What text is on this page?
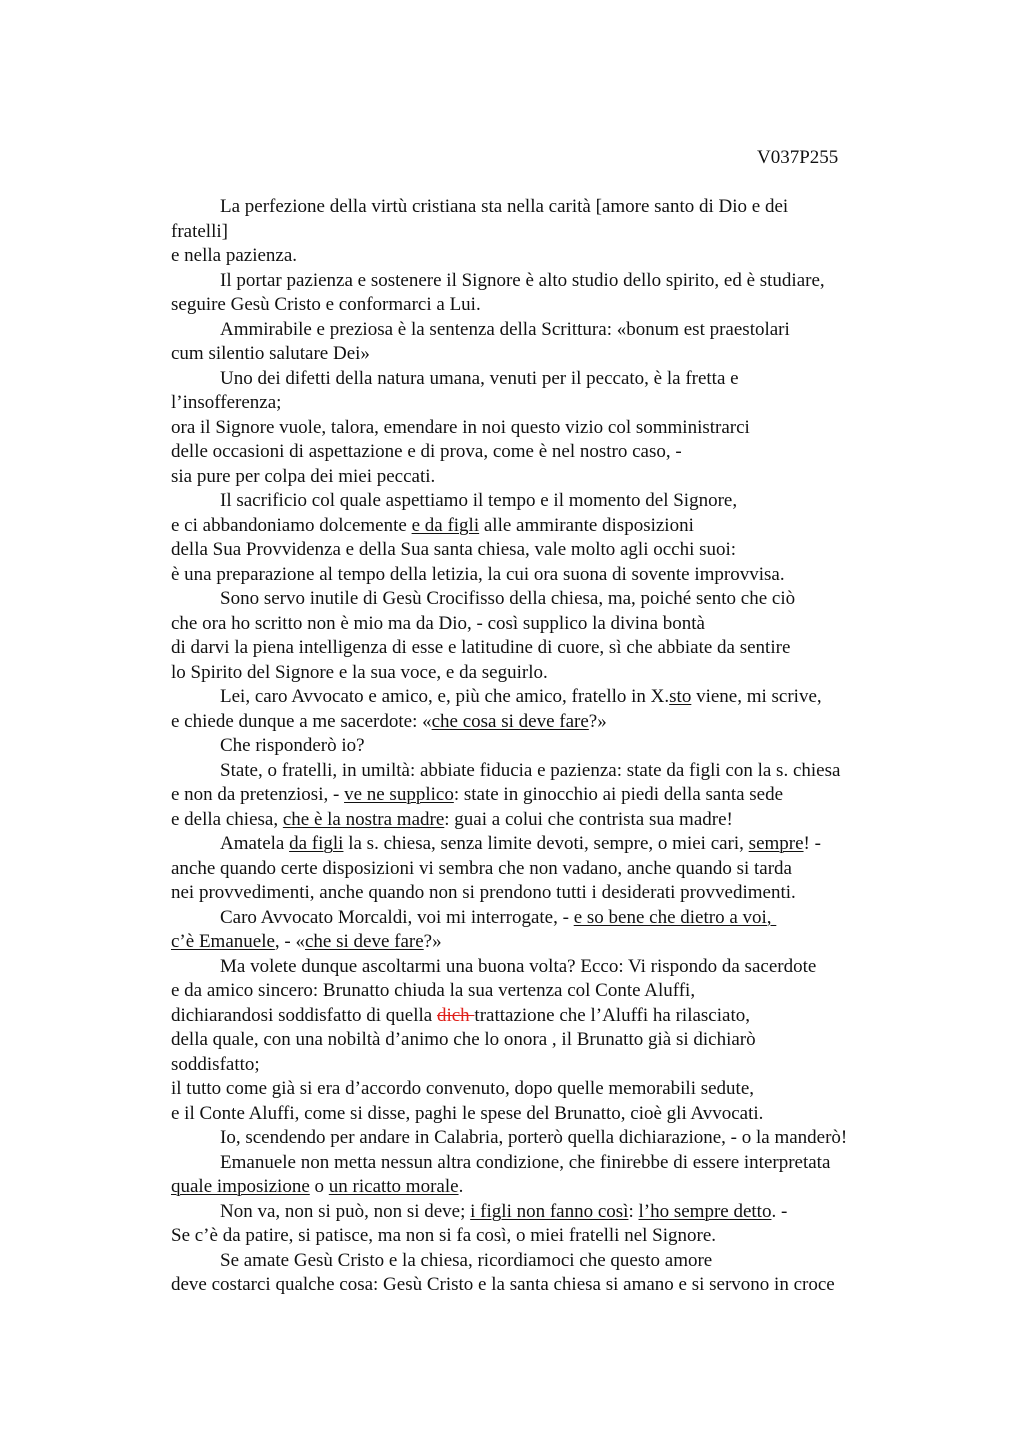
V037P255
La perfezione della virtù cristiana sta nella carità [amore santo di Dio e dei
fratelli]
e nella pazienza.
Il portar pazienza e sostenere il Signore è alto studio dello spirito, ed è studiare,
seguire Gesù Cristo e conformarci a Lui.
Ammirabile e preziosa è la sentenza della Scrittura: «bonum est praestolari
cum silentio salutare Dei»
Uno dei difetti della natura umana, venuti per il peccato, è la fretta e
l’insofferenza;
ora il Signore vuole, talora, emendare in noi questo vizio col somministrarci
delle occasioni di aspettazione e di prova, come è nel nostro caso, -
sia pure per colpa dei miei peccati.
Il sacrificio col quale aspettiamo il tempo e il momento del Signore,
e ci abbandoniamo dolcemente e da figli alle ammirante disposizioni
della Sua Provvidenza e della Sua santa chiesa, vale molto agli occhi suoi:
è una preparazione al tempo della letizia, la cui ora suona di sovente improvvisa.
Sono servo inutile di Gesù Crocifisso della chiesa, ma, poiché sento che ciò
che ora ho scritto non è mio ma da Dio, - così supplico la divina bontà
di darvi la piena intelligenza di esse e latitudine di cuore, sì che abbiate da sentire
lo Spirito del Signore e la sua voce, e da seguirlo.
Lei, caro Avvocato e amico, e, più che amico, fratello in X.sto viene, mi scrive,
e chiede dunque a me sacerdote: «che cosa si deve fare?»
Che risponderò io?
State, o fratelli, in umiltà: abbiate fiducia e pazienza: state da figli con la s. chiesa
e non da pretenziosi, - ve ne supplico: state in ginocchio ai piedi della santa sede
e della chiesa, che è la nostra madre: guai a colui che contrista sua madre!
Amatela da figli la s. chiesa, senza limite devoti, sempre, o miei cari, sempre! -
anche quando certe disposizioni vi sembra che non vadano, anche quando si tarda
nei provvedimenti, anche quando non si prendono tutti i desiderati provvedimenti.
Caro Avvocato Morcaldi, voi mi interrogate, - e so bene che dietro a voi,
c’è Emanuele, - «che si deve fare?»
Ma volete dunque ascoltarmi una buona volta? Ecco: Vi rispondo da sacerdote
e da amico sincero: Brunatto chiuda la sua vertenza col Conte Aluffi,
dichiarandosi soddisfatto di quella dich trattazione che l’Aluffi ha rilasciato,
della quale, con una nobiltà d’animo che lo onora , il Brunatto già si dichiarò
soddisfatto;
il tutto come già si era d’accordo convenuto, dopo quelle memorabili sedute,
e il Conte Aluffi, come si disse, paghi le spese del Brunatto, cioè gli Avvocati.
Io, scendendo per andare in Calabria, porterò quella dichiarazione, - o la manderò!
Emanuele non metta nessun altra condizione, che finirebbe di essere interpretata
quale imposizione o un ricatto morale.
Non va, non si può, non si deve; i figli non fanno così: l’ho sempre detto. -
Se c’è da patire, si patisce, ma non si fa così, o miei fratelli nel Signore.
Se amate Gesù Cristo e la chiesa, ricordiamoci che questo amore
deve costarci qualche cosa: Gesù Cristo e la santa chiesa si amano e si servono in croce
